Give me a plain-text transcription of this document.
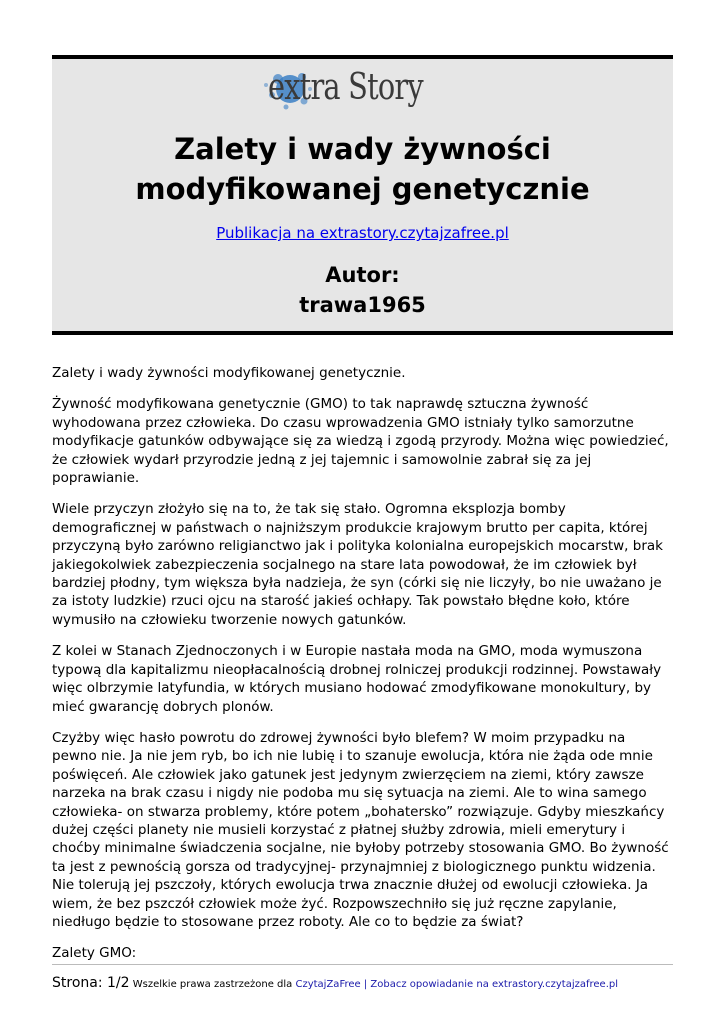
extra Story
Zalety i wady żywności
modyfikowanej genetycznie
Publikacja na extrastory.czytajzafree.pl
Autor:
trawa1965

Zalety i wady żywności modyfikowanej genetycznie.

Żywność modyfikowana genetycznie (GMO) to tak naprawdę sztuczna żywność wyhodowana przez człowieka. Do czasu wprowadzenia GMO istniały tylko samorzutne modyfikacje gatunków odbywające się za wiedzą i zgodą przyrody. Można więc powiedzieć, że człowiek wydarł przyrodzie jedną z jej tajemnic i samowolnie zabrał się za jej poprawianie.

Wiele przyczyn złożyło się na to, że tak się stało. Ogromna eksplozja bomby demograficznej w państwach o najniższym produkcie krajowym brutto per capita, której przyczyną było zarówno religianctwo jak i polityka kolonialna europejskich mocarstw, brak jakiegokolwiek zabezpieczenia socjalnego na stare lata powodował, że im człowiek był bardziej płodny, tym większa była nadzieja, że syn (córki się nie liczyły, bo nie uważano je za istoty ludzkie) rzuci ojcu na starość jakieś ochłapy. Tak powstało błędne koło, które wymusiło na człowieku tworzenie nowych gatunków.

Z kolei w Stanach Zjednoczonych i w Europie nastała moda na GMO, moda wymuszona typową dla kapitalizmu nieopłacalnością drobnej rolniczej produkcji rodzinnej. Powstawały więc olbrzymie latyfundia, w których musiano hodować zmodyfikowane monokultury, by mieć gwarancję dobrych plonów.

Czyżby więc hasło powrotu do zdrowej żywności było blefem? W moim przypadku na pewno nie. Ja nie jem ryb, bo ich nie lubię i to szanuje ewolucja, która nie żąda ode mnie poświęceń. Ale człowiek jako gatunek jest jedynym zwierzęciem na ziemi, który zawsze narzeka na brak czasu i nigdy nie podoba mu się sytuacja na ziemi. Ale to wina samego człowieka- on stwarza problemy, które potem „bohatersko” rozwiązuje. Gdyby mieszkańcy dużej części planety nie musieli korzystać z płatnej służby zdrowia, mieli emerytury i choćby minimalne świadczenia socjalne, nie byłoby potrzeby stosowania GMO. Bo żywność ta jest z pewnością gorsza od tradycyjnej- przynajmniej z biologicznego punktu widzenia. Nie tolerują jej pszczoły, których ewolucja trwa znacznie dłużej od ewolucji człowieka. Ja wiem, że bez pszczół człowiek może żyć. Rozpowszechniło się już ręczne zapylanie, niedługo będzie to stosowane przez roboty. Ale co to będzie za świat?

Zalety GMO:

Strona: 1/2 Wszelkie prawa zastrzeżone dla CzytajZaFree | Zobacz opowiadanie na extrastory.czytajzafree.pl
